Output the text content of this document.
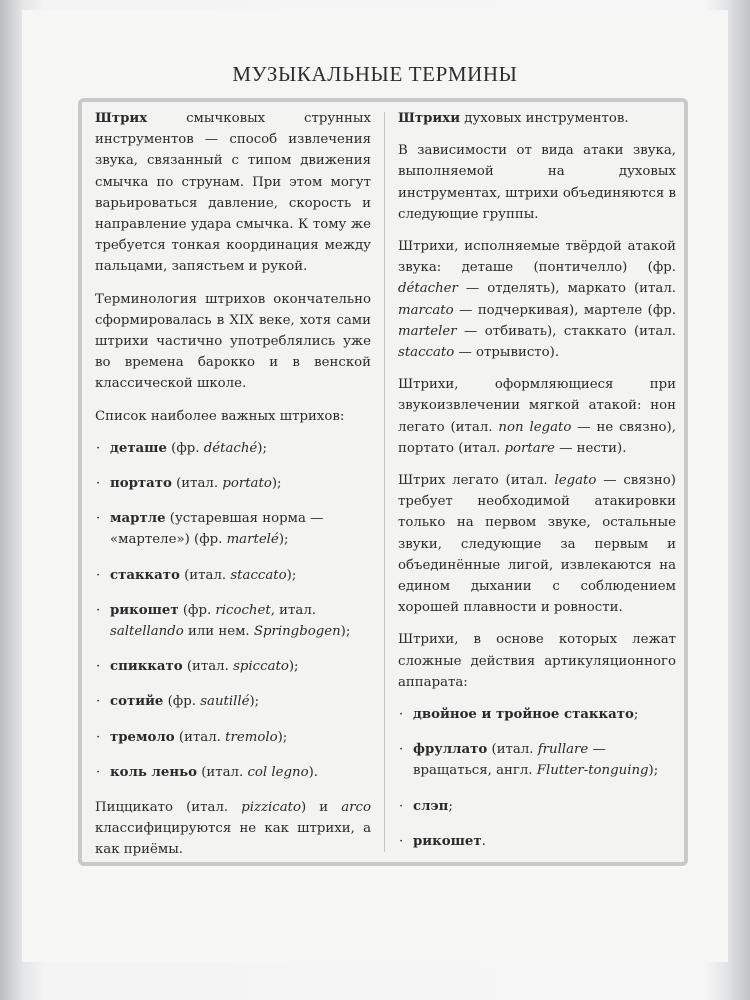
МУЗЫКАЛЬНЫЕ ТЕРМИНЫ

Штрих смычковых струнных инструментов — способ извлечения звука, связанный с типом движения смычка по струнам. При этом могут варьироваться давление, скорость и направление удара смычка. К тому же требуется тонкая координация между пальцами, запястьем и рукой.

Терминология штрихов окончательно сформировалась в XIX веке, хотя сами штрихи частично употреблялись уже во времена барокко и в венской классической школе.

Список наиболее важных штрихов:

· деташе (фр. détaché);
· портато (итал. portato);
· мартле (устаревшая норма — «мартеле») (фр. martelé);
· стаккато (итал. staccato);
· рикошет (фр. ricochet, итал. saltellando или нем. Springbogen);
· спиккато (итал. spiccato);
· сотийе (фр. sautillé);
· тремоло (итал. tremolo);
· коль леньо (итал. col legno).

Пиццикато (итал. pizzicato) и arco классифицируются не как штрихи, а как приёмы.

Штрихи духовых инструментов.

В зависимости от вида атаки звука, выполняемой на духовых инструментах, штрихи объединяются в следующие группы.

Штрихи, исполняемые твёрдой атакой звука: деташе (понтичелло) (фр. détacher — отделять), маркато (итал. marcato — подчеркивая), мартеле (фр. marteler — отбивать), стаккато (итал. staccato — отрывисто).

Штрихи, оформляющиеся при звукоизвлечении мягкой атакой: нон легато (итал. non legato — не связно), портато (итал. portare — нести).

Штрих легато (итал. legato — связно) требует необходимой атакировки только на первом звуке, остальные звуки, следующие за первым и объединённые лигой, извлекаются на едином дыхании с соблюдением хорошей плавности и ровности.

Штрихи, в основе которых лежат сложные действия артикуляционного аппарата:

· двойное и тройное стаккато;
· фруллато (итал. frullare — вращаться, англ. Flutter-tonguing);
· слэп;
· рикошет.
